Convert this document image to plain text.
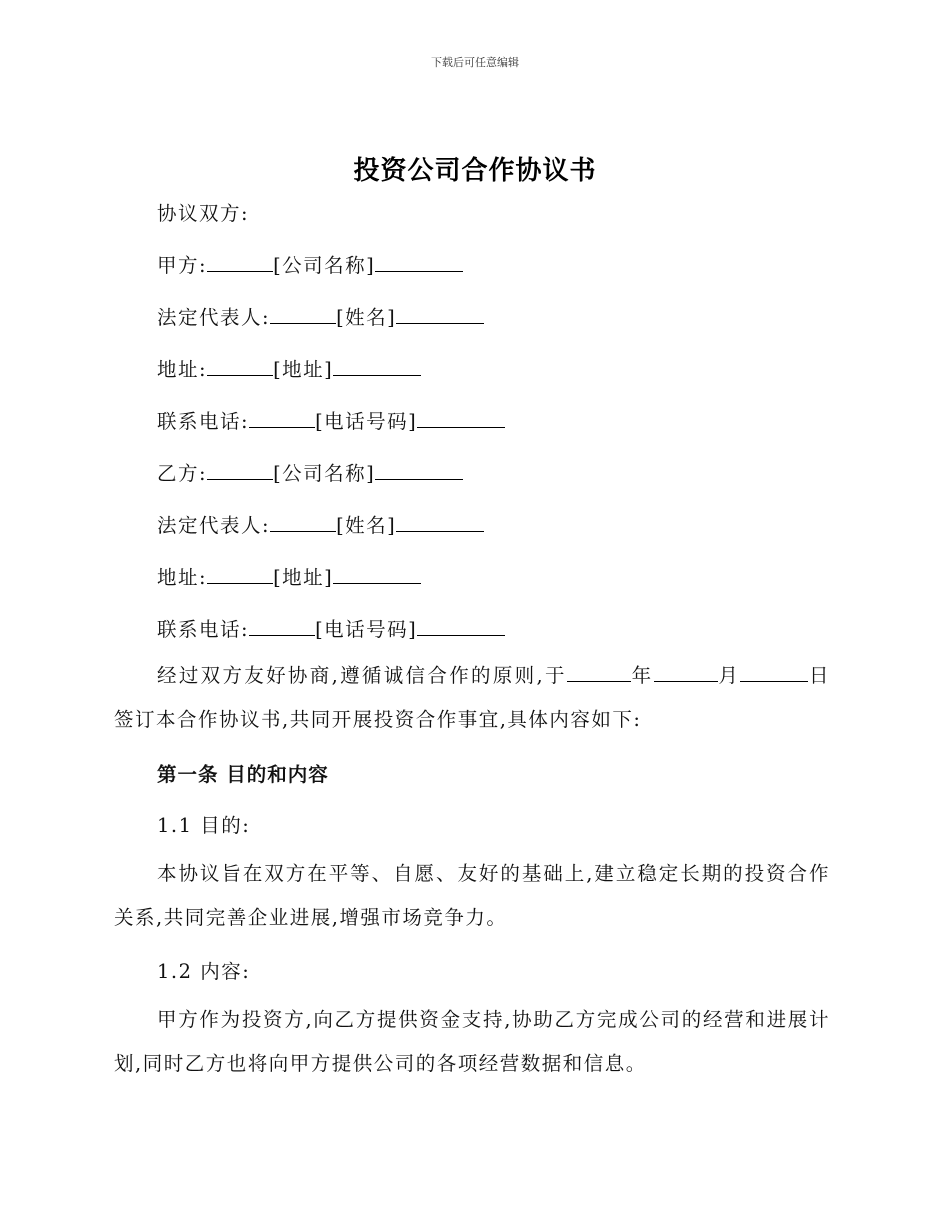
下载后可任意编辑
投资公司合作协议书
协议双方:
甲方:	[公司名称]
法定代表人:	[姓名]
地址:	[地址]
联系电话:	[电话号码]
乙方:	[公司名称]
法定代表人:	[姓名]
地址:	[地址]
联系电话:	[电话号码]
经过双方友好协商,遵循诚信合作的原则,于	年	月	日签订本合作协议书,共同开展投资合作事宜,具体内容如下:
第一条 目的和内容
1.1 目的:
本协议旨在双方在平等、自愿、友好的基础上,建立稳定长期的投资合作关系,共同完善企业进展,增强市场竞争力。
1.2 内容:
甲方作为投资方,向乙方提供资金支持,协助乙方完成公司的经营和进展计划,同时乙方也将向甲方提供公司的各项经营数据和信息。
